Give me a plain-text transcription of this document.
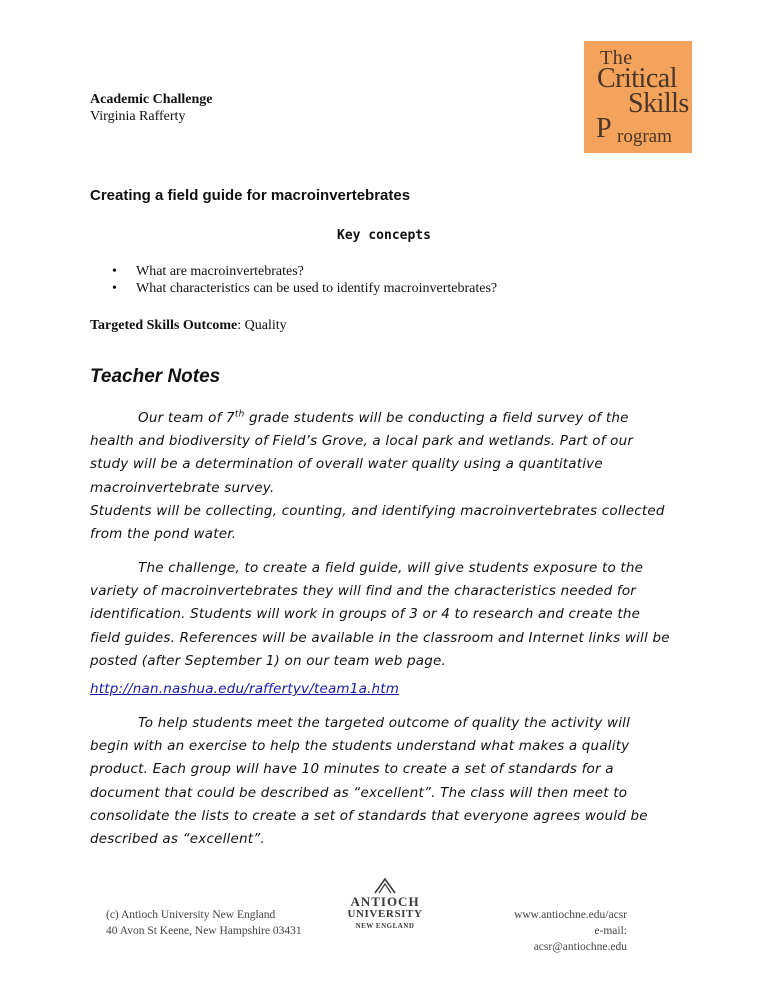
Academic Challenge
Virginia Rafferty
The
Critical
Skills
P rogram
Creating a field guide for macroinvertebrates
Key concepts
• What are macroinvertebrates?
• What characteristics can be used to identify macroinvertebrates?
Targeted Skills Outcome: Quality
Teacher Notes
Our team of 7th grade students will be conducting a field survey of the
health and biodiversity of Field’s Grove, a local park and wetlands. Part of our
study will be a determination of overall water quality using a quantitative
macroinvertebrate survey.
Students will be collecting, counting, and identifying macroinvertebrates collected
from the pond water.
The challenge, to create a field guide, will give students exposure to the
variety of macroinvertebrates they will find and the characteristics needed for
identification. Students will work in groups of 3 or 4 to research and create the
field guides. References will be available in the classroom and Internet links will be
posted (after September 1) on our team web page.
http://nan.nashua.edu/raffertyv/team1a.htm
To help students meet the targeted outcome of quality the activity will
begin with an exercise to help the students understand what makes a quality
product. Each group will have 10 minutes to create a set of standards for a
document that could be described as “excellent”. The class will then meet to
consolidate the lists to create a set of standards that everyone agrees would be
described as “excellent”.
(c) Antioch University New England
40 Avon St Keene, New Hampshire 03431
ANTIOCH
UNIVERSITY
NEW ENGLAND
www.antiochne.edu/acsr
e-mail: acsr@antiochne.edu
